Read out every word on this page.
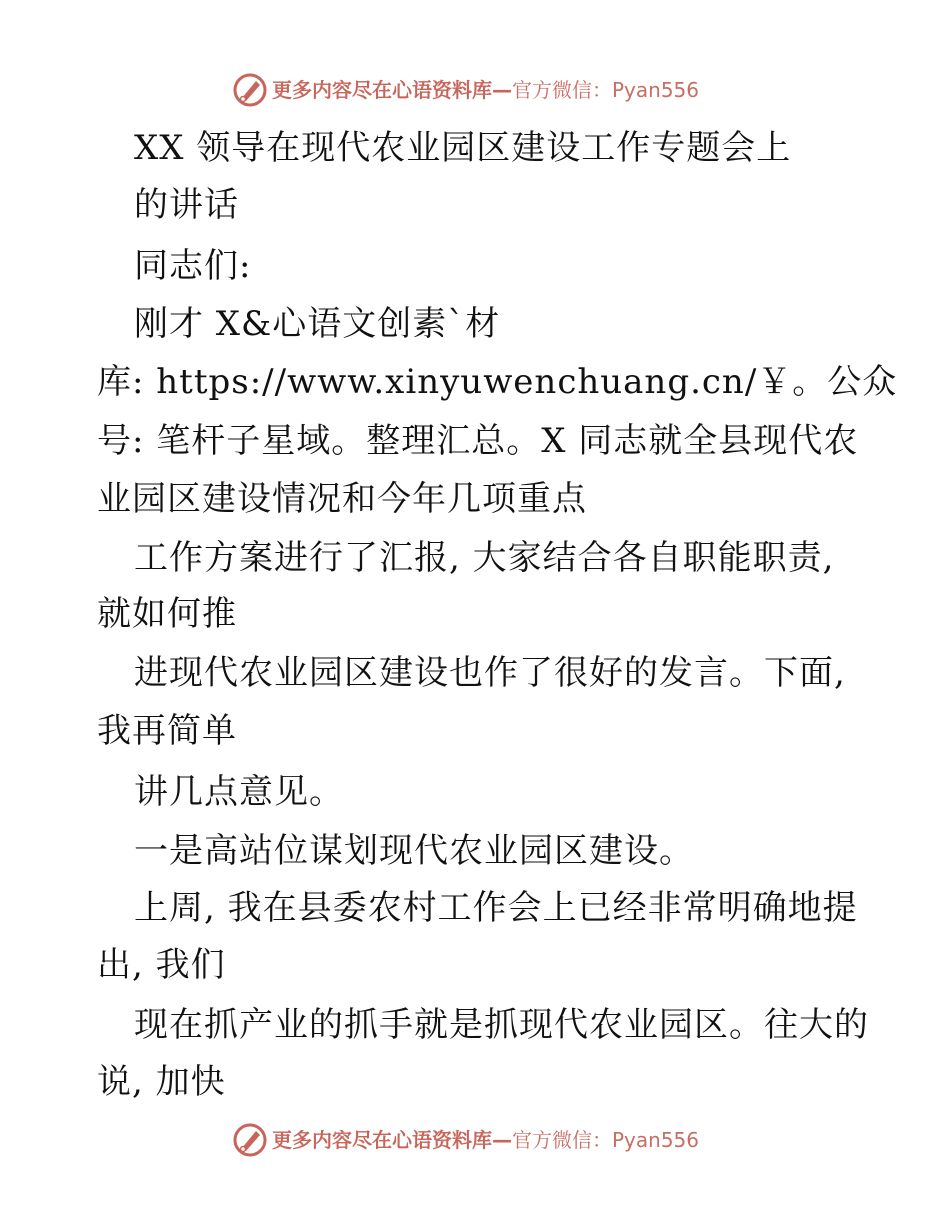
更多内容尽在心语资料库—官方微信：Pyan556
XX 领导在现代农业园区建设工作专题会上
的讲话
同志们:
刚才 X&心语文创素`材
库: https://www.xinyuwenchuang.cn/￥。公众
号: 笔杆子星域。整理汇总。X 同志就全县现代农
业园区建设情况和今年几项重点
工作方案进行了汇报, 大家结合各自职能职责,
就如何推
进现代农业园区建设也作了很好的发言。下面,
我再简单
讲几点意见。
一是高站位谋划现代农业园区建设。
上周, 我在县委农村工作会上已经非常明确地提
出, 我们
现在抓产业的抓手就是抓现代农业园区。往大的
说, 加快
更多内容尽在心语资料库—官方微信：Pyan556
